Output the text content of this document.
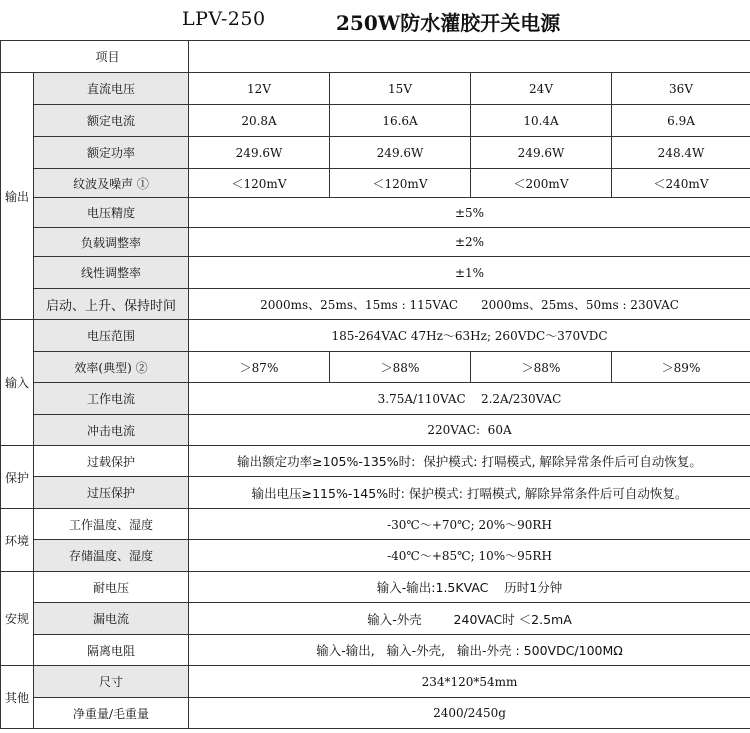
LPV-250	250W防水灌胶开关电源
项目					
输出	直流电压	12V	15V	24V	36V
	额定电流	20.8A	16.6A	10.4A	6.9A
	额定功率	249.6W	249.6W	249.6W	248.4W
	纹波及噪声 ①	＜120mV	＜120mV	＜200mV	＜240mV
	电压精度	±5%			
	负载调整率	±2%			
	线性调整率	±1%			
	启动、上升、保持时间	2000ms、25ms、15ms : 115VAC      2000ms、25ms、50ms : 230VAC			
输入	电压范围	185-264VAC 47Hz～63Hz; 260VDC～370VDC			
	效率(典型) ②	＞87%	＞88%	＞88%	＞89%
	工作电流	3.75A/110VAC    2.2A/230VAC			
	冲击电流	220VAC:  60A			
保护	过载保护	输出额定功率≥105%-135%时:  保护模式: 打嗝模式, 解除异常条件后可自动恢复。			
	过压保护	输出电压≥115%-145%时: 保护模式: 打嗝模式, 解除异常条件后可自动恢复。			
环境	工作温度、湿度	-30℃～+70℃; 20%～90RH			
	存储温度、湿度	-40℃～+85℃; 10%～95RH			
安规	耐电压	输入-输出:1.5KVAC    历时1分钟			
	漏电流	输入-外壳        240VAC时 ＜2.5mA			
	隔离电阻	输入-输出,   输入-外壳,   输出-外壳 : 500VDC/100MΩ			
其他	尺寸	234*120*54mm			
	净重量/毛重量	2400/2450g			
